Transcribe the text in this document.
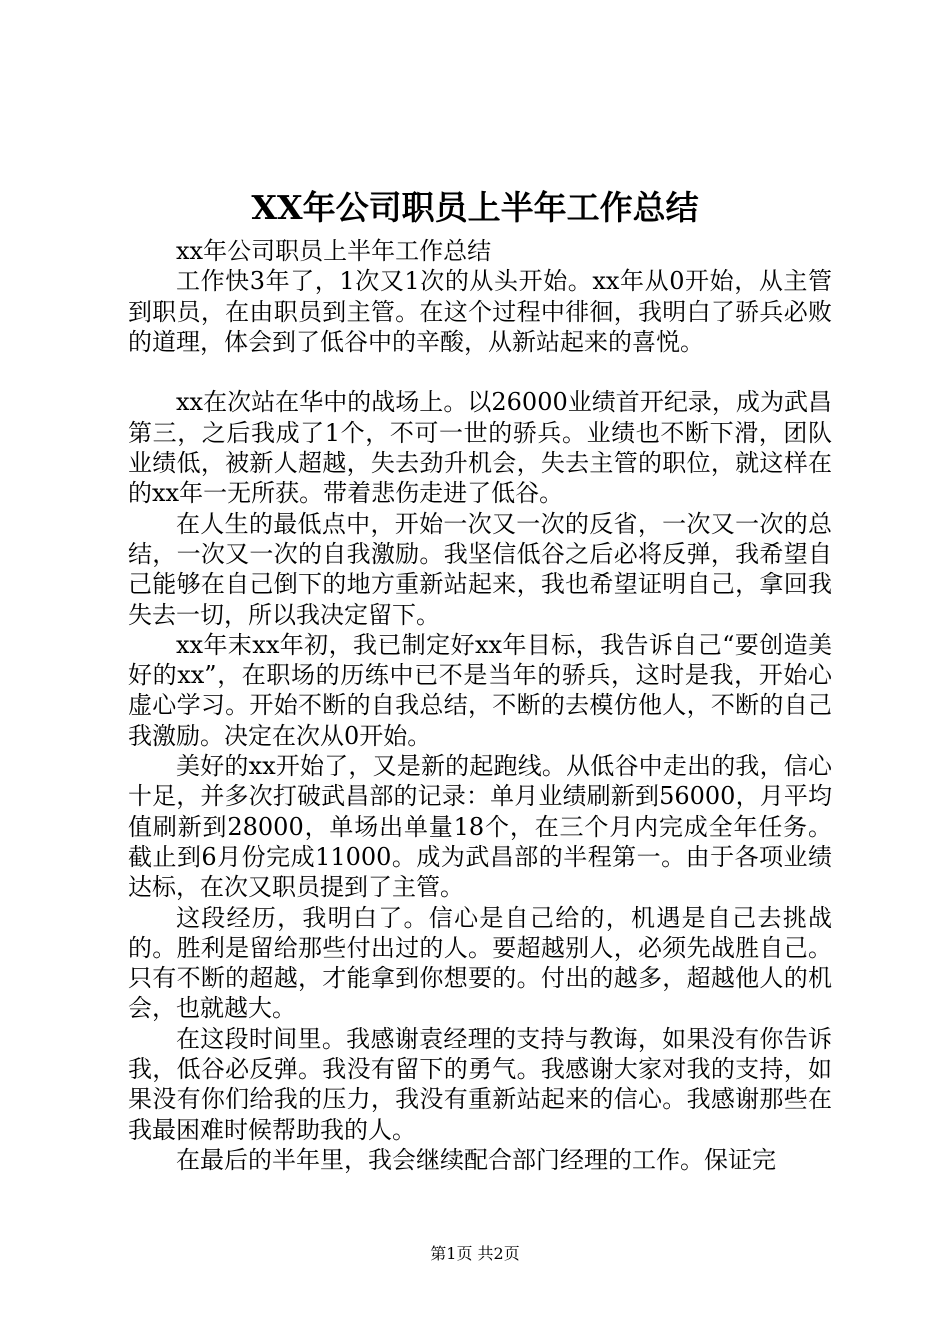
XX年公司职员上半年工作总结

xx年公司职员上半年工作总结

工作快3年了，1次又1次的从头开始。xx年从0开始，从主管到职员，在由职员到主管。在这个过程中徘徊，我明白了骄兵必败的道理，体会到了低谷中的辛酸，从新站起来的喜悦。

xx在次站在华中的战场上。以26000业绩首开纪录，成为武昌第三，之后我成了1个，不可一世的骄兵。业绩也不断下滑，团队业绩低，被新人超越，失去劲升机会，失去主管的职位，就这样在的xx年一无所获。带着悲伤走进了低谷。

在人生的最低点中，开始一次又一次的反省，一次又一次的总结，一次又一次的自我激励。我坚信低谷之后必将反弹，我希望自己能够在自己倒下的地方重新站起来，我也希望证明自己，拿回我失去一切，所以我决定留下。

xx年末xx年初，我已制定好xx年目标，我告诉自己“要创造美好的xx”，在职场的历练中已不是当年的骄兵，这时是我，开始心虚心学习。开始不断的自我总结，不断的去模仿他人，不断的自己我激励。决定在次从0开始。

美好的xx开始了，又是新的起跑线。从低谷中走出的我，信心十足，并多次打破武昌部的记录：单月业绩刷新到56000，月平均值刷新到28000，单场出单量18个，在三个月内完成全年任务。截止到6月份完成11000。成为武昌部的半程第一。由于各项业绩达标，在次又职员提到了主管。

这段经历，我明白了。信心是自己给的，机遇是自己去挑战的。胜利是留给那些付出过的人。要超越别人，必须先战胜自己。只有不断的超越，才能拿到你想要的。付出的越多，超越他人的机会，也就越大。

在这段时间里。我感谢袁经理的支持与教诲，如果没有你告诉我，低谷必反弹。我没有留下的勇气。我感谢大家对我的支持，如果没有你们给我的压力，我没有重新站起来的信心。我感谢那些在我最困难时候帮助我的人。

在最后的半年里，我会继续配合部门经理的工作。保证完

第1页 共2页
